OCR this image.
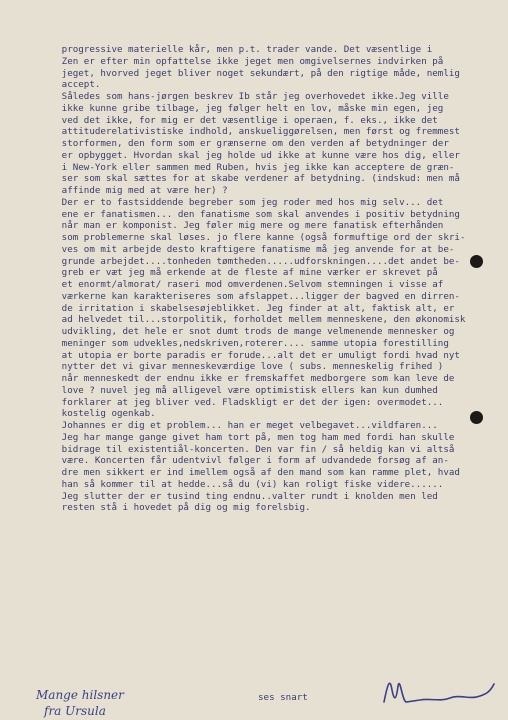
progressive materielle kår, men p.t. trader vande. Det væsentlige i
Zen er efter min opfattelse ikke jeget men omgivelsernes indvirken på
jeget, hvorved jeget bliver noget sekundært, på den rigtige måde, nemlig
accept.
Således som hans-jørgen beskrev Ib står jeg overhovedet ikke.Jeg ville
ikke kunne gribe tilbage, jeg følger helt en lov, måske min egen, jeg
ved det ikke, for mig er det væsentlige i operaen, f. eks., ikke det
attituderelativistiske indhold, anskueliggørelsen, men først og fremmest
storformen, den form som er grænserne om den verden af betydninger der
er opbygget. Hvordan skal jeg holde ud ikke at kunne være hos dig, eller
i New-York eller sammen med Ruben, hvis jeg ikke kan acceptere de græn-
ser som skal sættes for at skabe verdener af betydning. (indskud: men må
affinde mig med at være her) ?
Der er to fastsiddende begreber som jeg roder med hos mig selv... det
ene er fanatismen... den fanatisme som skal anvendes i positiv betydning
når man er komponist. Jeg føler mig mere og mere fanatisk efterhånden
som problemerne skal løses. jo flere kanne (også formuftige ord der skri-
ves om mit arbejde desto kraftigere fanatisme må jeg anvende for at be-
grunde arbejdet....tonheden tømtheden.....udforskningen....det andet be-
greb er væt jeg må erkende at de fleste af mine værker er skrevet på
et enormt/almorat/ raseri mod omverdenen.Selvom stemningen i visse af
værkerne kan karakteriseres som afslappet...ligger der bagved en dirren-
de irritation i skabelsesøjeblikket. Jeg finder at alt, faktisk alt, er
ad helvedet til...storpolitik, forholdet mellem menneskene, den økonomisk
udvikling, det hele er snot dumt trods de mange velmenende mennesker og
meninger som udvekles,nedskriven,roterer.... samme utopia forestilling
at utopia er borte paradis er forude...alt det er umuligt fordi hvad nyt
nytter det vi givar menneskeværdige love ( subs. menneskelig frihed )
når menneskedt der endnu ikke er fremskaffet medborgere som kan leve de
love ? nuvel jeg må alligevel være optimistisk ellers kan kun dumhed
forklarer at jeg bliver ved. Fladskligt er det der igen: overmodet...
kostelig ogenkab.
Johannes er dig et problem... han er meget velbegavet...vildfaren...
Jeg har mange gange givet ham tort på, men tog ham med fordi han skulle
bidrage til existentiål-koncerten. Den var fin / så heldig kan vi altså
være. Koncerten får udentvivl følger i form af udvandede forsøg af an-
dre men sikkert er ind imellem også af den mand som kan ramme plet, hvad
han så kommer til at hedde...så du (vi) kan roligt fiske videre......
Jeg slutter der er tusind ting endnu..valter rundt i knolden men led
resten stå i hovedet på dig og mig forelsbig.
Mange hilsner
fra Ursula
ses snart
